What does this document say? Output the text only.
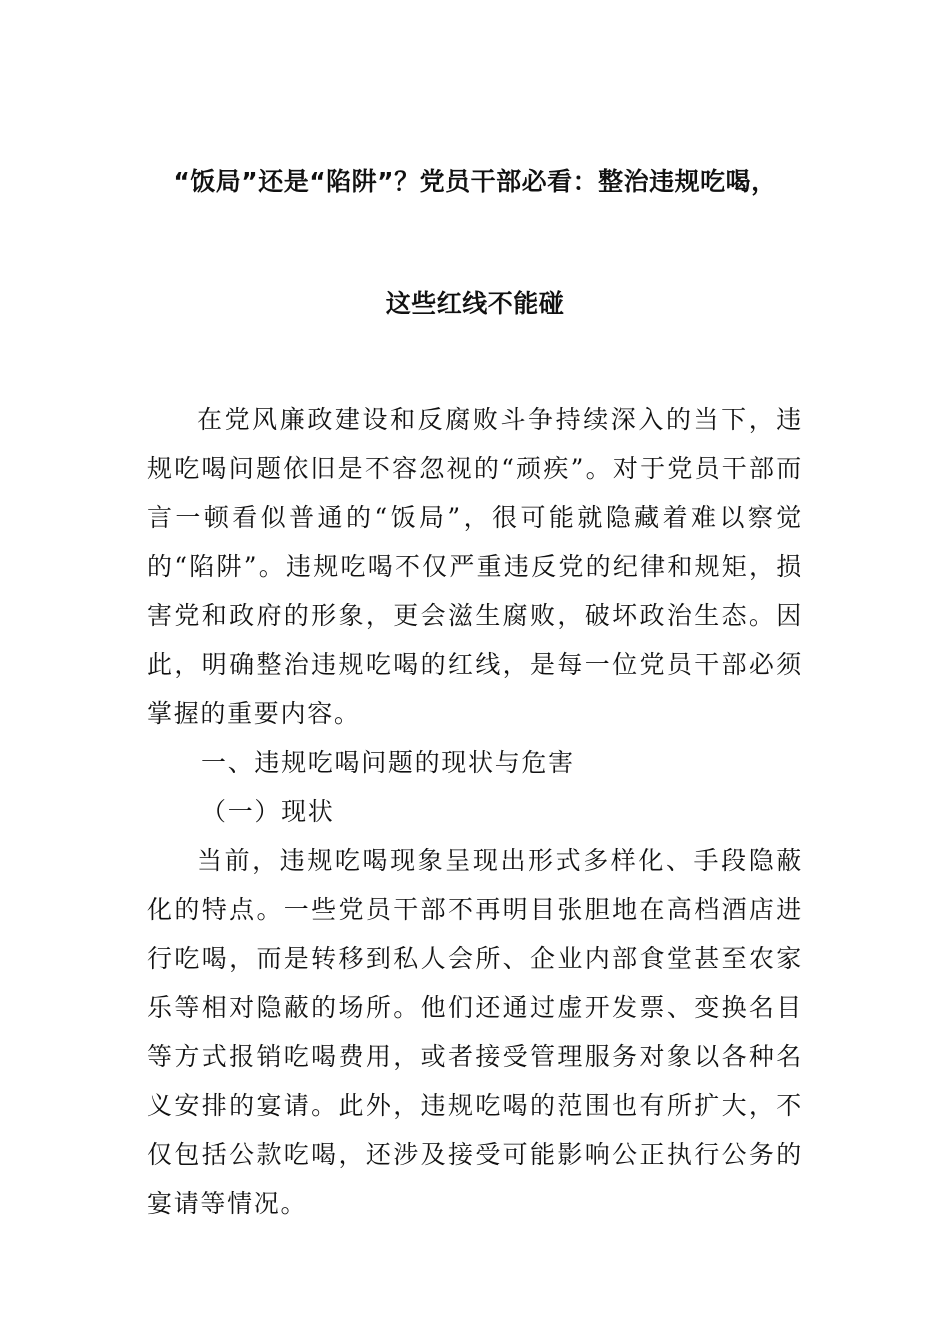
“饭局”还是“陷阱”？党员干部必看：整治违规吃喝，
这些红线不能碰

在党风廉政建设和反腐败斗争持续深入的当下，违规吃喝问题依旧是不容忽视的“顽疾”。对于党员干部而言一顿看似普通的“饭局”，很可能就隐藏着难以察觉的“陷阱”。违规吃喝不仅严重违反党的纪律和规矩，损害党和政府的形象，更会滋生腐败，破坏政治生态。因此，明确整治违规吃喝的红线，是每一位党员干部必须掌握的重要内容。

一、违规吃喝问题的现状与危害

（一）现状

当前，违规吃喝现象呈现出形式多样化、手段隐蔽化的特点。一些党员干部不再明目张胆地在高档酒店进行吃喝，而是转移到私人会所、企业内部食堂甚至农家乐等相对隐蔽的场所。他们还通过虚开发票、变换名目等方式报销吃喝费用，或者接受管理服务对象以各种名义安排的宴请。此外，违规吃喝的范围也有所扩大，不仅包括公款吃喝，还涉及接受可能影响公正执行公务的宴请等情况。
